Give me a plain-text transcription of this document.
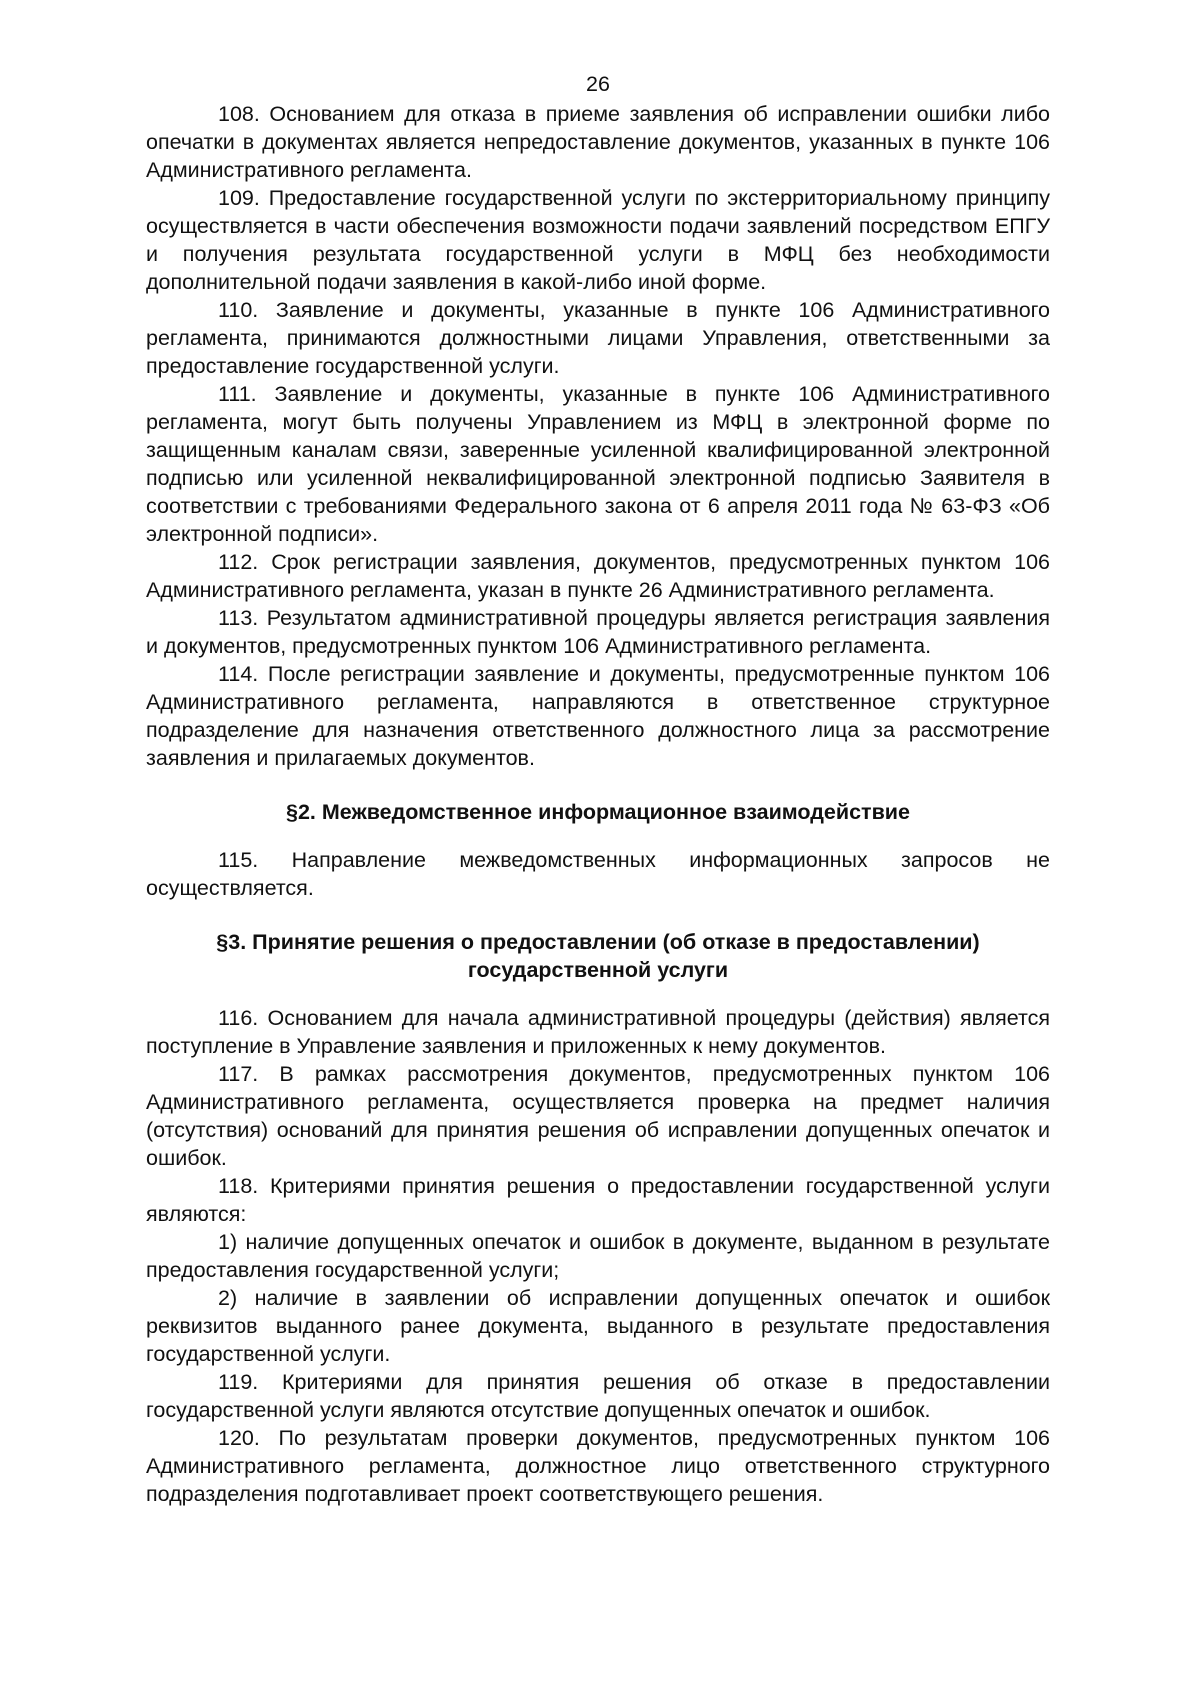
26

108. Основанием для отказа в приеме заявления об исправлении ошибки либо опечатки в документах является непредоставление документов, указанных в пункте 106 Административного регламента.

109. Предоставление государственной услуги по экстерриториальному принципу осуществляется в части обеспечения возможности подачи заявлений посредством ЕПГУ и получения результата государственной услуги в МФЦ без необходимости дополнительной подачи заявления в какой-либо иной форме.

110. Заявление и документы, указанные в пункте 106 Административного регламента, принимаются должностными лицами Управления, ответственными за предоставление государственной услуги.

111. Заявление и документы, указанные в пункте 106 Административного регламента, могут быть получены Управлением из МФЦ в электронной форме по защищенным каналам связи, заверенные усиленной квалифицированной электронной подписью или усиленной неквалифицированной электронной подписью Заявителя в соответствии с требованиями Федерального закона от 6 апреля 2011 года № 63-ФЗ «Об электронной подписи».

112. Срок регистрации заявления, документов, предусмотренных пунктом 106 Административного регламента, указан в пункте 26 Административного регламента.

113. Результатом административной процедуры является регистрация заявления и документов, предусмотренных пунктом 106 Административного регламента.

114. После регистрации заявление и документы, предусмотренные пунктом 106 Административного регламента, направляются в ответственное структурное подразделение для назначения ответственного должностного лица за рассмотрение заявления и прилагаемых документов.

§2. Межведомственное информационное взаимодействие

115. Направление межведомственных информационных запросов не осуществляется.

§3. Принятие решения о предоставлении (об отказе в предоставлении)
государственной услуги

116. Основанием для начала административной процедуры (действия) является поступление в Управление заявления и приложенных к нему документов.

117. В рамках рассмотрения документов, предусмотренных пунктом 106 Административного регламента, осуществляется проверка на предмет наличия (отсутствия) оснований для принятия решения об исправлении допущенных опечаток и ошибок.

118. Критериями принятия решения о предоставлении государственной услуги являются:

1) наличие допущенных опечаток и ошибок в документе, выданном в результате предоставления государственной услуги;

2) наличие в заявлении об исправлении допущенных опечаток и ошибок реквизитов выданного ранее документа, выданного в результате предоставления государственной услуги.

119. Критериями для принятия решения об отказе в предоставлении государственной услуги являются отсутствие допущенных опечаток и ошибок.

120. По результатам проверки документов, предусмотренных пунктом 106 Административного регламента, должностное лицо ответственного структурного подразделения подготавливает проект соответствующего решения.
